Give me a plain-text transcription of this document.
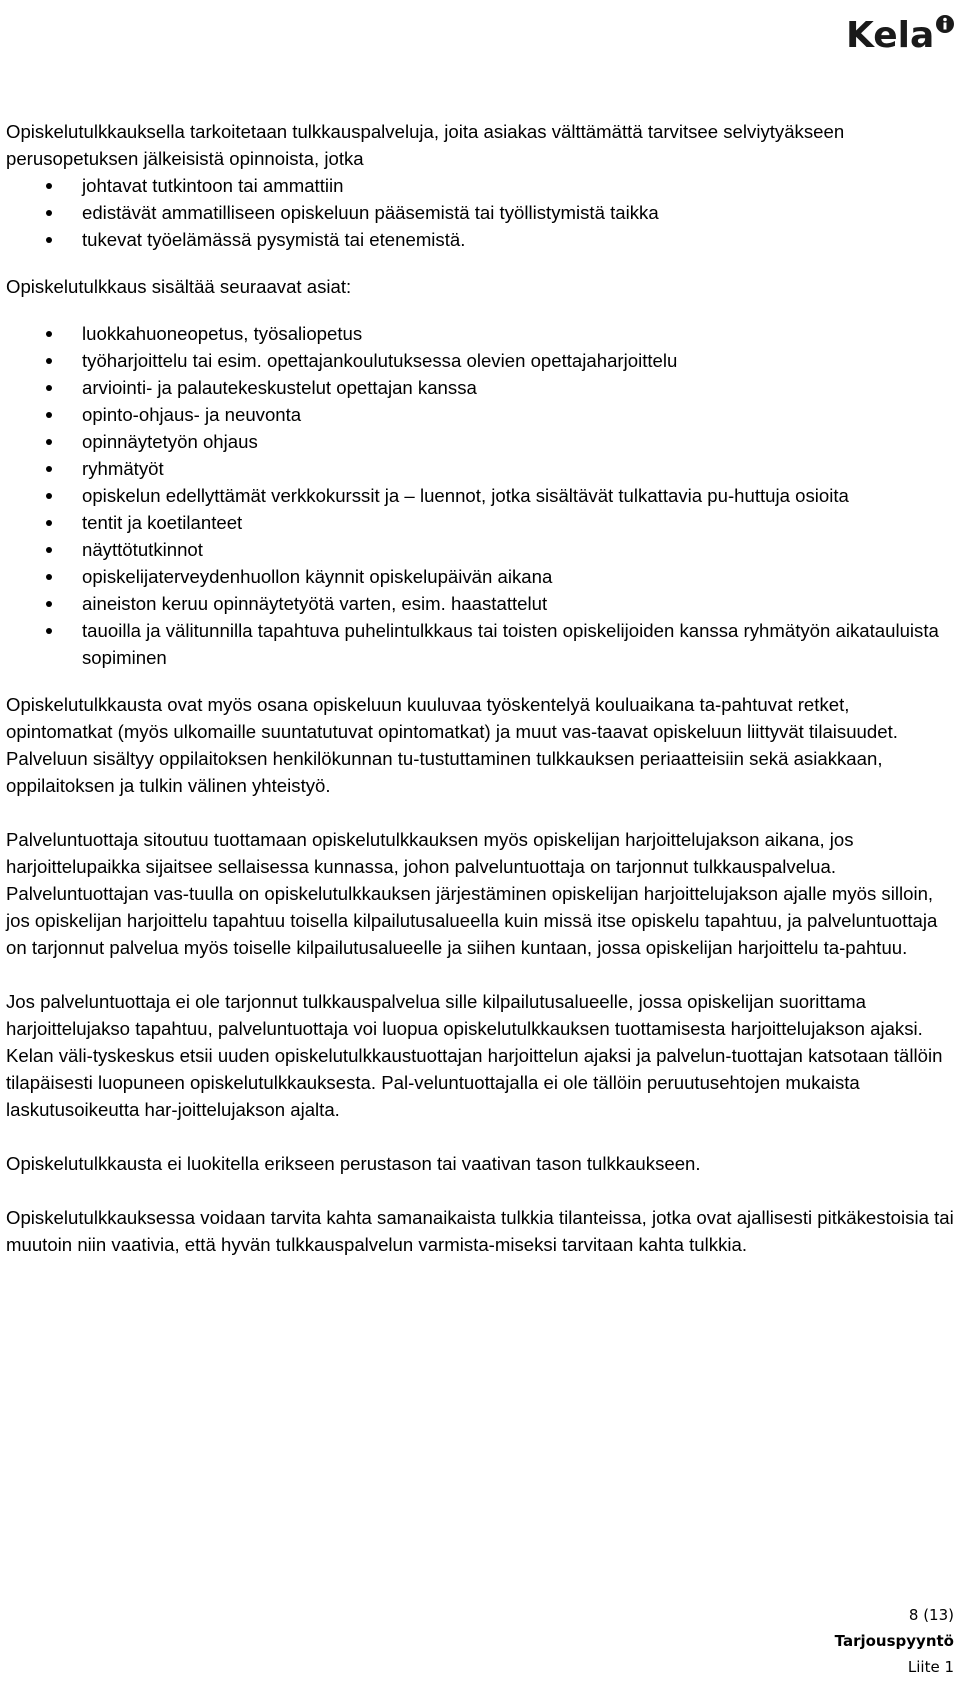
Kela

Opiskelutulkkauksella tarkoitetaan tulkkauspalveluja, joita asiakas välttämättä tarvitsee selviytyäkseen perusopetuksen jälkeisistä opinnoista, jotka

johtavat tutkintoon tai ammattiin
edistävät ammatilliseen opiskeluun pääsemistä tai työllistymistä taikka
tukevat työelämässä pysymistä tai etenemistä.

Opiskelutulkkaus sisältää seuraavat asiat:

luokkahuoneopetus, työsaliopetus
työharjoittelu tai esim. opettajankoulutuksessa olevien opettajaharjoittelu
arviointi- ja palautekeskustelut opettajan kanssa
opinto-ohjaus- ja neuvonta
opinnäytetyön ohjaus
ryhmätyöt
opiskelun edellyttämät verkkokurssit ja – luennot, jotka sisältävät tulkattavia pu-huttuja osioita
tentit ja koetilanteet
näyttötutkinnot
opiskelijaterveydenhuollon käynnit opiskelupäivän aikana
aineiston keruu opinnäytetyötä varten, esim. haastattelut
tauoilla ja välitunnilla tapahtuva puhelintulkkaus tai toisten opiskelijoiden kanssa ryhmätyön aikatauluista sopiminen

Opiskelutulkkausta ovat myös osana opiskeluun kuuluvaa työskentelyä kouluaikana ta-pahtuvat retket, opintomatkat (myös ulkomaille suuntatutuvat opintomatkat) ja muut vas-taavat opiskeluun liittyvät tilaisuudet. Palveluun sisältyy oppilaitoksen henkilökunnan tu-tustuttaminen tulkkauksen periaatteisiin sekä asiakkaan, oppilaitoksen ja tulkin välinen yhteistyö.

Palveluntuottaja sitoutuu tuottamaan opiskelutulkkauksen myös opiskelijan harjoittelujakson aikana, jos harjoittelupaikka sijaitsee sellaisessa kunnassa, johon palveluntuottaja on tarjonnut tulkkauspalvelua. Palveluntuottajan vas-tuulla on opiskelutulkkauksen järjestäminen opiskelijan harjoittelujakson ajalle myös silloin, jos opiskelijan harjoittelu tapahtuu toisella kilpailutusalueella kuin missä itse opiskelu tapahtuu, ja palveluntuottaja on tarjonnut palvelua myös toiselle kilpailutusalueelle ja siihen kuntaan, jossa opiskelijan harjoittelu ta-pahtuu.

Jos palveluntuottaja ei ole tarjonnut tulkkauspalvelua sille kilpailutusalueelle, jossa opiskelijan suorittama harjoittelujakso tapahtuu, palveluntuottaja voi luopua opiskelutulkkauksen tuottamisesta harjoittelujakson ajaksi. Kelan väli-tyskeskus etsii uuden opiskelutulkkaustuottajan harjoittelun ajaksi ja palvelun-tuottajan katsotaan tällöin tilapäisesti luopuneen opiskelutulkkauksesta. Pal-veluntuottajalla ei ole tällöin peruutusehtojen mukaista laskutusoikeutta har-joittelujakson ajalta.

Opiskelutulkkausta ei luokitella erikseen perustason tai vaativan tason tulkkaukseen.

Opiskelutulkkauksessa voidaan tarvita kahta samanaikaista tulkkia tilanteissa, jotka ovat ajallisesti pitkäkestoisia tai muutoin niin vaativia, että hyvän tulkkauspalvelun varmista-miseksi tarvitaan kahta tulkkia.

8 (13)
Tarjouspyyntö
Liite 1
